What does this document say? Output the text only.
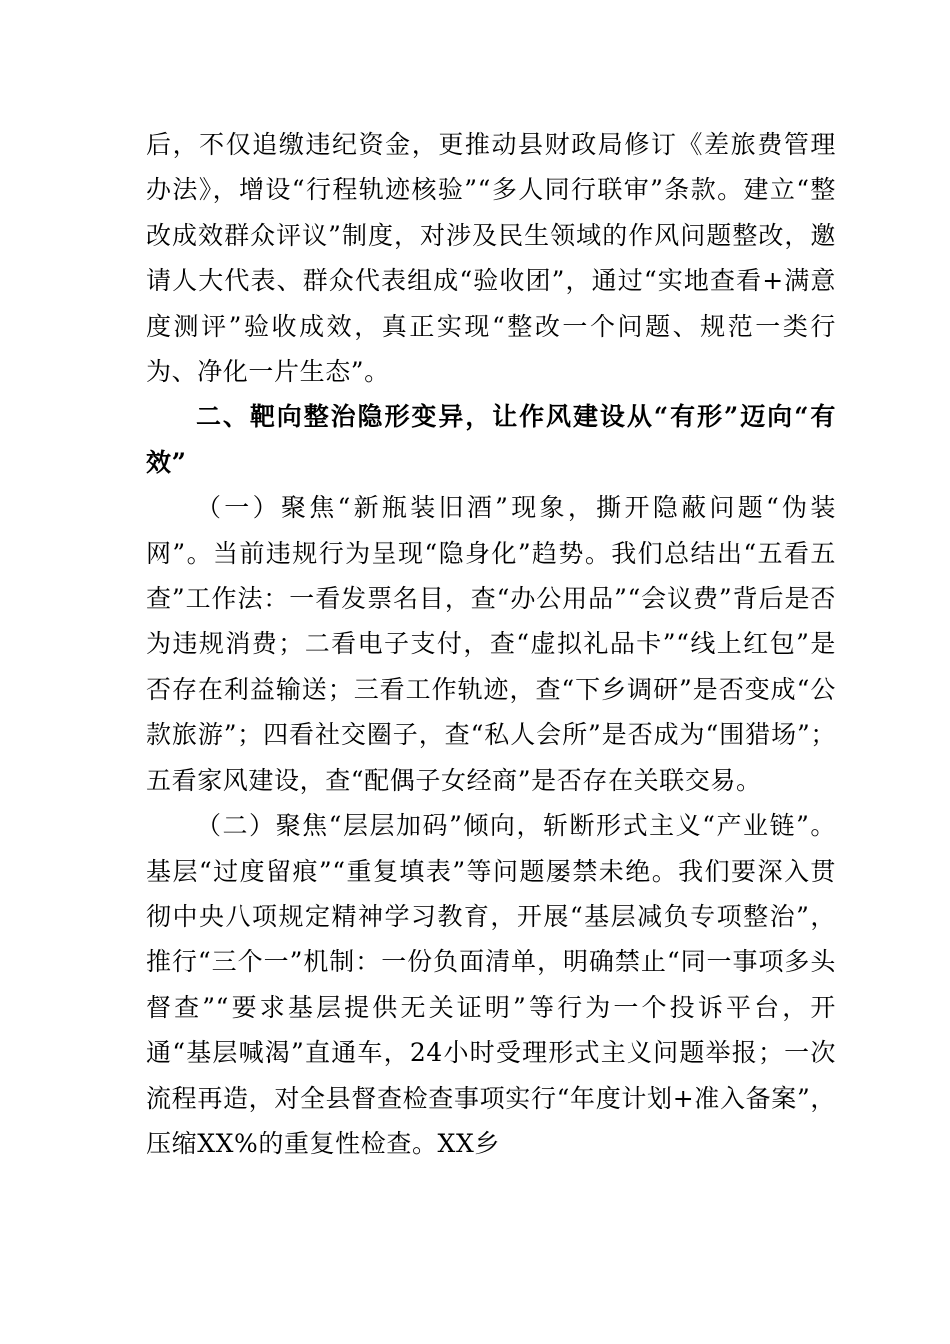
后，不仅追缴违纪资金，更推动县财政局修订《差旅费管理办法》，增设“行程轨迹核验”“多人同行联审”条款。建立“整改成效群众评议”制度，对涉及民生领域的作风问题整改，邀请人大代表、群众代表组成“验收团”，通过“实地查看+满意度测评”验收成效，真正实现“整改一个问题、规范一类行为、净化一片生态”。

二、靶向整治隐形变异，让作风建设从“有形”迈向“有效”

（一）聚焦“新瓶装旧酒”现象，撕开隐蔽问题“伪装网”。当前违规行为呈现“隐身化”趋势。我们总结出“五看五查”工作法：一看发票名目，查“办公用品”“会议费”背后是否为违规消费；二看电子支付，查“虚拟礼品卡”“线上红包”是否存在利益输送；三看工作轨迹，查“下乡调研”是否变成“公款旅游”；四看社交圈子，查“私人会所”是否成为“围猎场”；五看家风建设，查“配偶子女经商”是否存在关联交易。

（二）聚焦“层层加码”倾向，斩断形式主义“产业链”。基层“过度留痕”“重复填表”等问题屡禁未绝。我们要深入贯彻中央八项规定精神学习教育，开展“基层减负专项整治”，推行“三个一”机制：一份负面清单，明确禁止“同一事项多头督查”“要求基层提供无关证明”等行为一个投诉平台，开通“基层喊渴”直通车，24小时受理形式主义问题举报；一次流程再造，对全县督查检查事项实行“年度计划+准入备案”，压缩XX%的重复性检查。XX乡
